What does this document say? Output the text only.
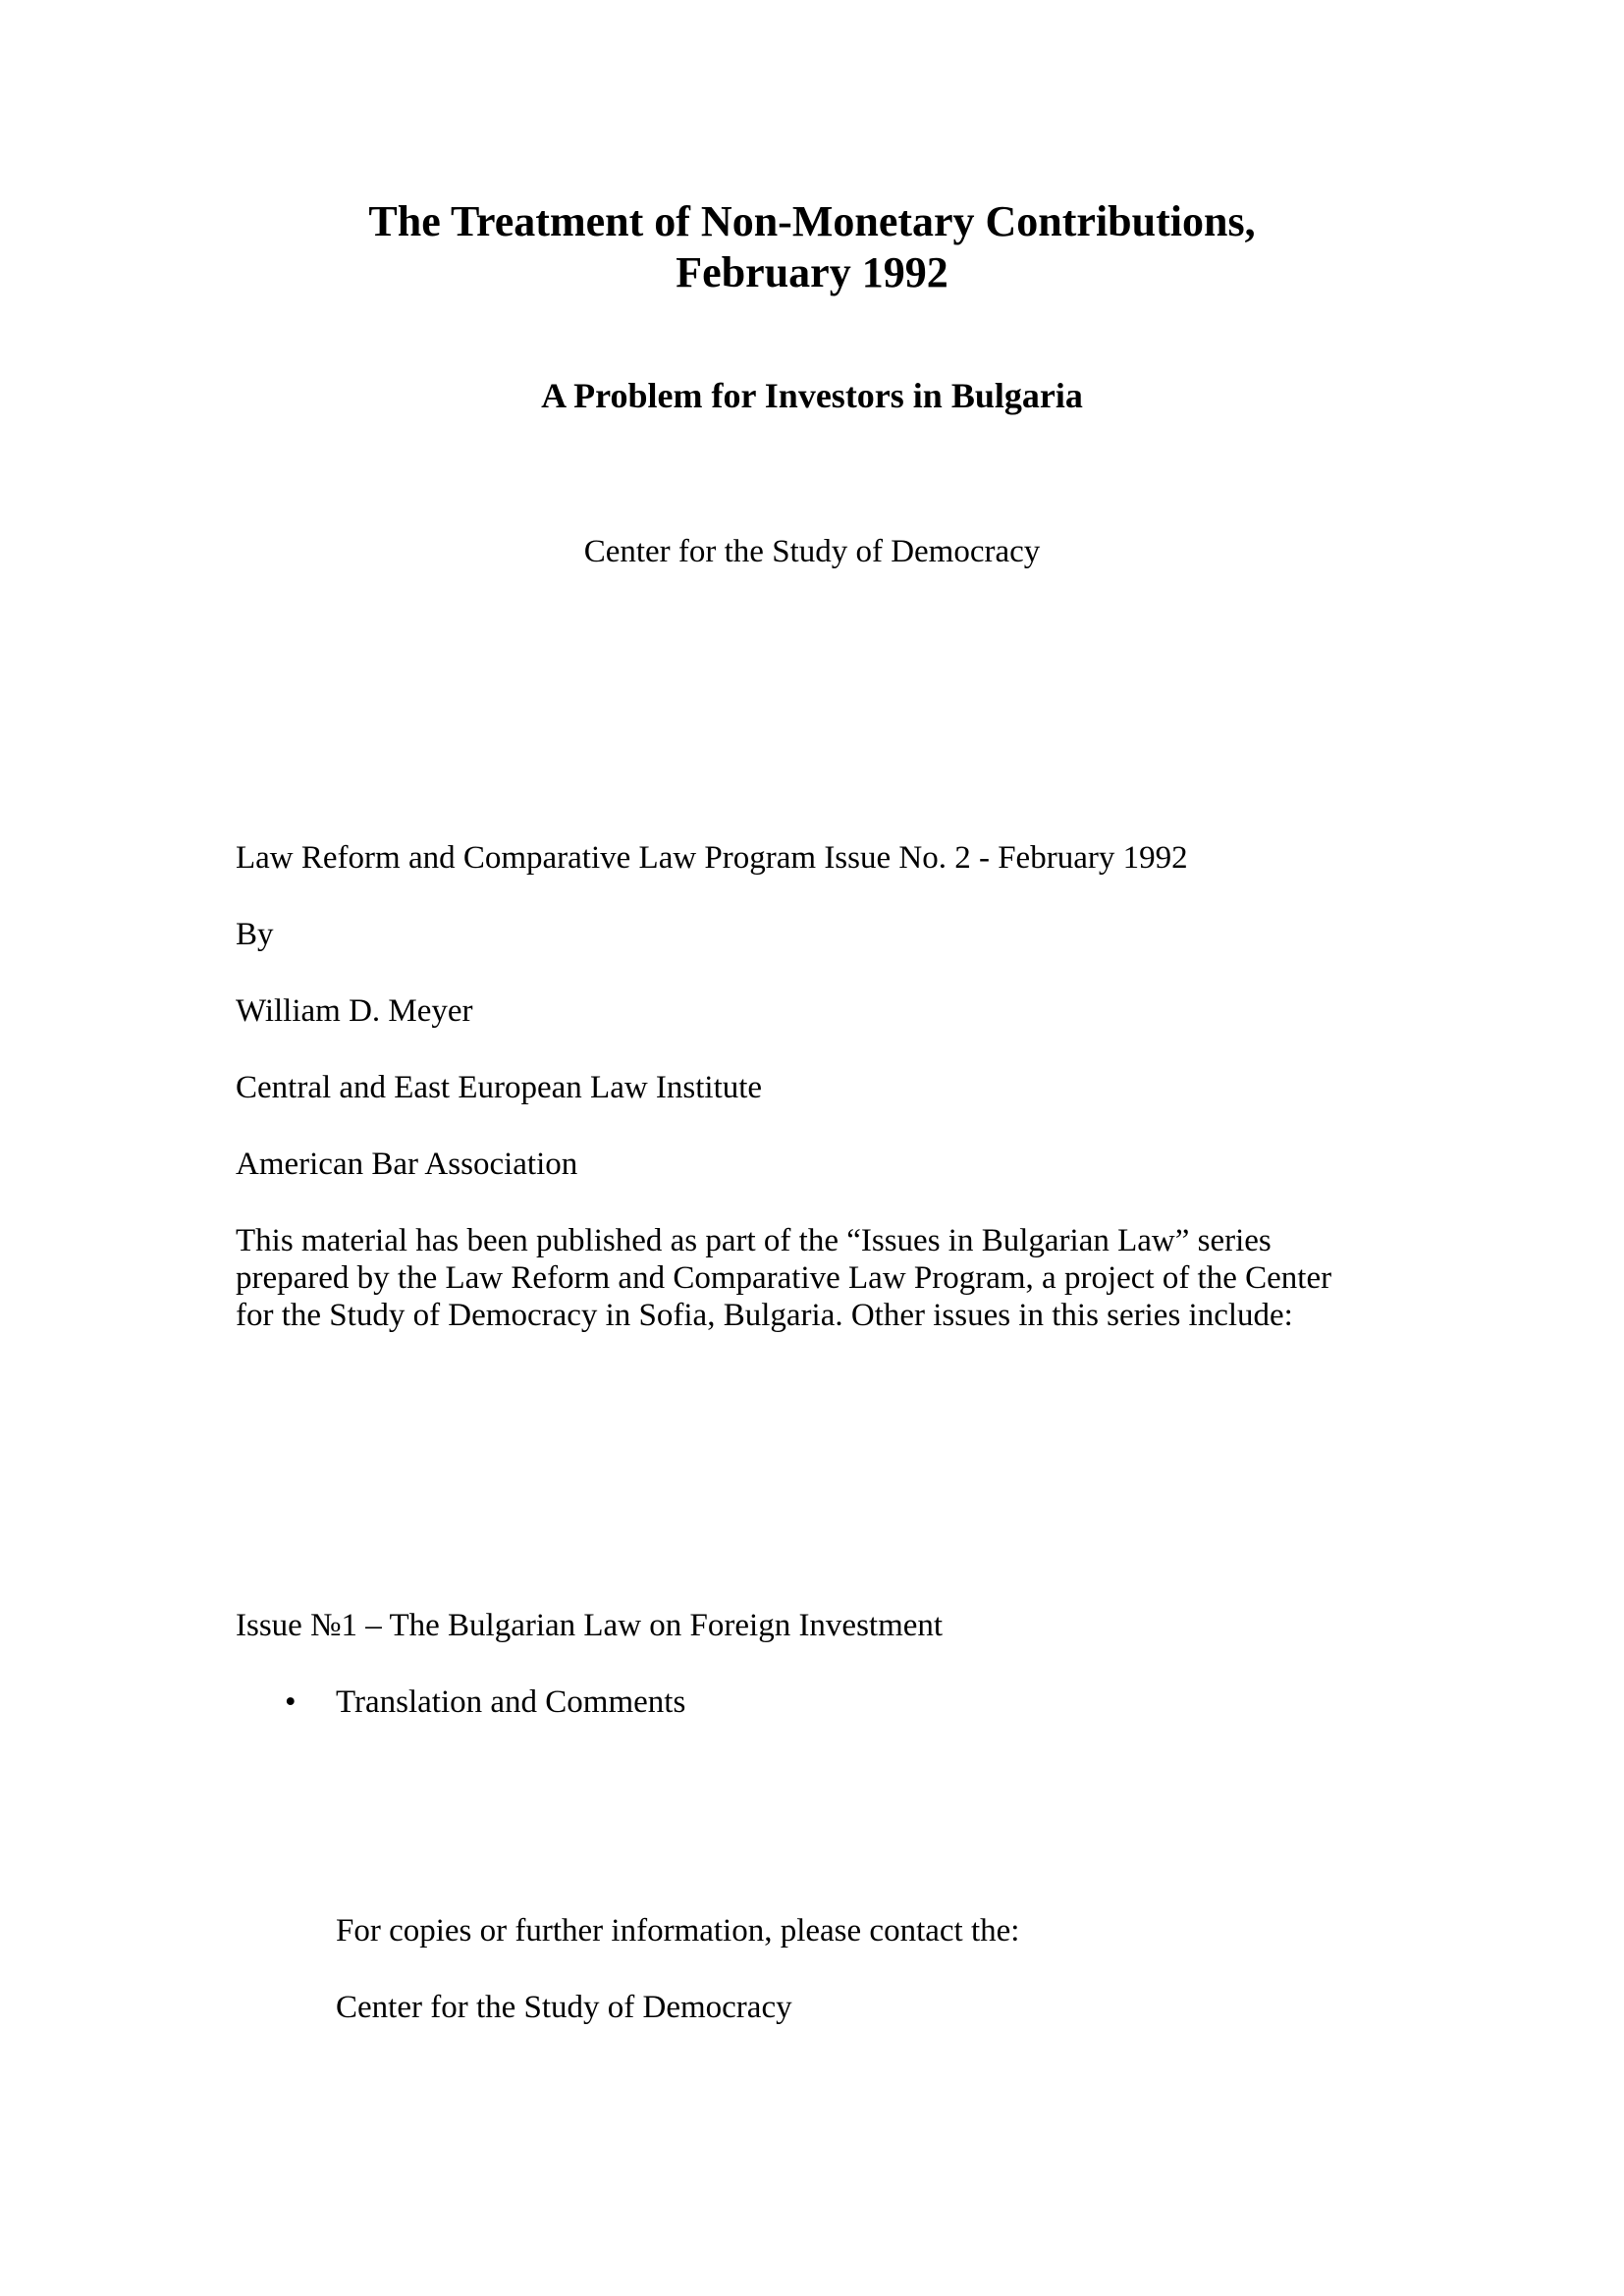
The Treatment of Non-Monetary Contributions,
February 1992
A Problem for Investors in Bulgaria

Center for the Study of Democracy

Law Reform and Comparative Law Program Issue No. 2 - February 1992

By

William D. Meyer

Central and East European Law Institute

American Bar Association

This material has been published as part of the “Issues in Bulgarian Law” series
prepared by the Law Reform and Comparative Law Program, a project of the Center
for the Study of Democracy in Sofia, Bulgaria. Other issues in this series include:

Issue №1 – The Bulgarian Law on Foreign Investment

• Translation and Comments

For copies or further information, please contact the:

Center for the Study of Democracy
